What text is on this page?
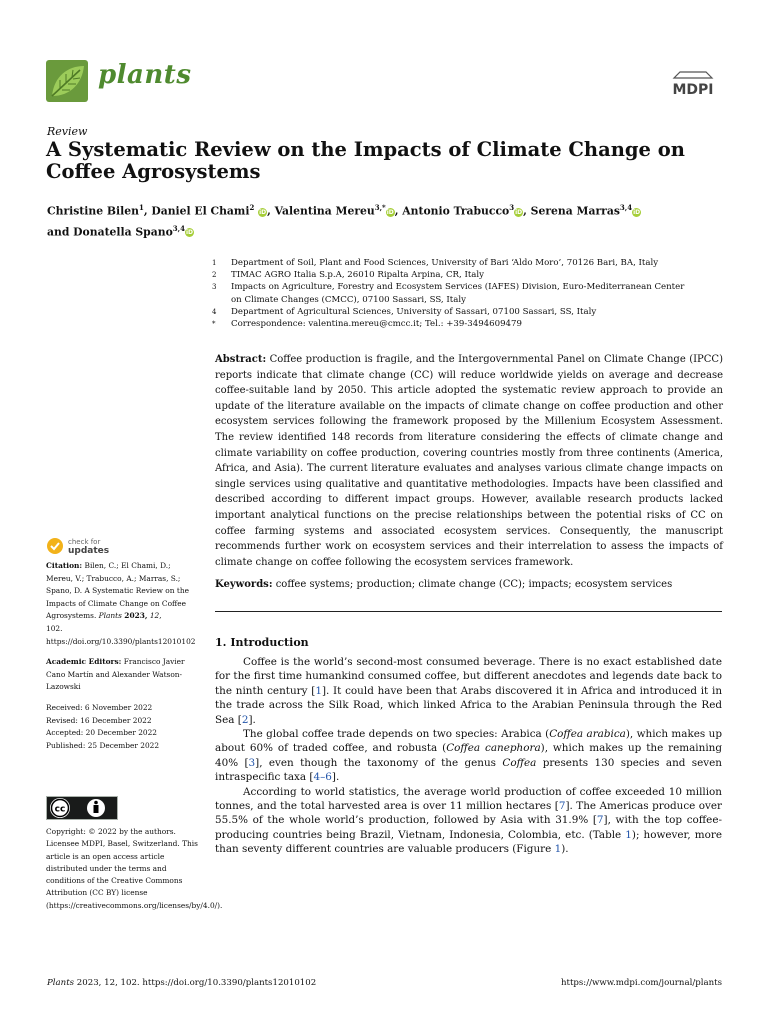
plants	MDPI
Review
A Systematic Review on the Impacts of Climate Change on Coffee Agrosystems
Christine Bilen$^1$, Daniel El Chami$^2$ iD, Valentina Mereu$^{3,*}$iD, Antonio Trabucco$^3$iD, Serena Marras$^{3,4}$iD
and Donatella Spano$^{3,4}$iD
1	Department of Soil, Plant and Food Sciences, University of Bari ‘Aldo Moro’, 70126 Bari, BA, Italy
2	TIMAC AGRO Italia S.p.A, 26010 Ripalta Arpina, CR, Italy
3	Impacts on Agriculture, Forestry and Ecosystem Services (IAFES) Division, Euro-Mediterranean Center on Climate Changes (CMCC), 07100 Sassari, SS, Italy
4	Department of Agricultural Sciences, University of Sassari, 07100 Sassari, SS, Italy
*	Correspondence: valentina.mereu@cmcc.it; Tel.: +39-3494609479
Abstract: Coffee production is fragile, and the Intergovernmental Panel on Climate Change (IPCC) reports indicate that climate change (CC) will reduce worldwide yields on average and decrease coffee-suitable land by 2050. This article adopted the systematic review approach to provide an update of the literature available on the impacts of climate change on coffee production and other ecosystem services following the framework proposed by the Millenium Ecosystem Assessment. The review identified 148 records from literature considering the effects of climate change and climate variability on coffee production, covering countries mostly from three continents (America, Africa, and Asia). The current literature evaluates and analyses various climate change impacts on single services using qualitative and quantitative methodologies. Impacts have been classified and described according to different impact groups. However, available research products lacked important analytical functions on the precise relationships between the potential risks of CC on coffee farming systems and associated ecosystem services. Consequently, the manuscript recommends further work on ecosystem services and their interrelation to assess the impacts of climate change on coffee following the ecosystem services framework.
Keywords: coffee systems; production; climate change (CC); impacts; ecosystem services
1. Introduction

Coffee is the world’s second-most consumed beverage. There is no exact established date for the first time humankind consumed coffee, but different anecdotes and legends date back to the ninth century [1]. It could have been that Arabs discovered it in Africa and introduced it in the trade across the Silk Road, which linked Africa to the Arabian Peninsula through the Red Sea [2].

The global coffee trade depends on two species: Arabica (Coffea arabica), which makes up about 60% of traded coffee, and robusta (Coffea canephora), which makes up the remaining 40% [3], even though the taxonomy of the genus Coffea presents 130 species and seven intraspecific taxa [4–6].

According to world statistics, the average world production of coffee exceeded 10 million tonnes, and the total harvested area is over 11 million hectares [7]. The Americas produce over 55.5% of the whole world’s production, followed by Asia with 31.9% [7], with the top coffee-producing countries being Brazil, Vietnam, Indonesia, Colombia, etc. (Table 1); however, more than seventy different countries are valuable producers (Figure 1).

check for
updates

Citation: Bilen, C.; El Chami, D.; Mereu, V.; Trabucco, A.; Marras, S.; Spano, D. A Systematic Review on the Impacts of Climate Change on Coffee Agrosystems. Plants 2023, 12,
102. https://doi.org/10.3390/plants12010102

Academic Editors: Francisco Javier Cano Martín and Alexander Watson-Lazowski

Received: 6 November 2022
Revised: 16 December 2022
Accepted: 20 December 2022
Published: 25 December 2022

cc
Copyright: © 2022 by the authors. Licensee MDPI, Basel, Switzerland. This article is an open access article distributed under the terms and conditions of the Creative Commons Attribution (CC BY) license (https://creativecommons.org/licenses/by/4.0/).
Plants 2023, 12, 102. https://doi.org/10.3390/plants12010102	https://www.mdpi.com/journal/plants
